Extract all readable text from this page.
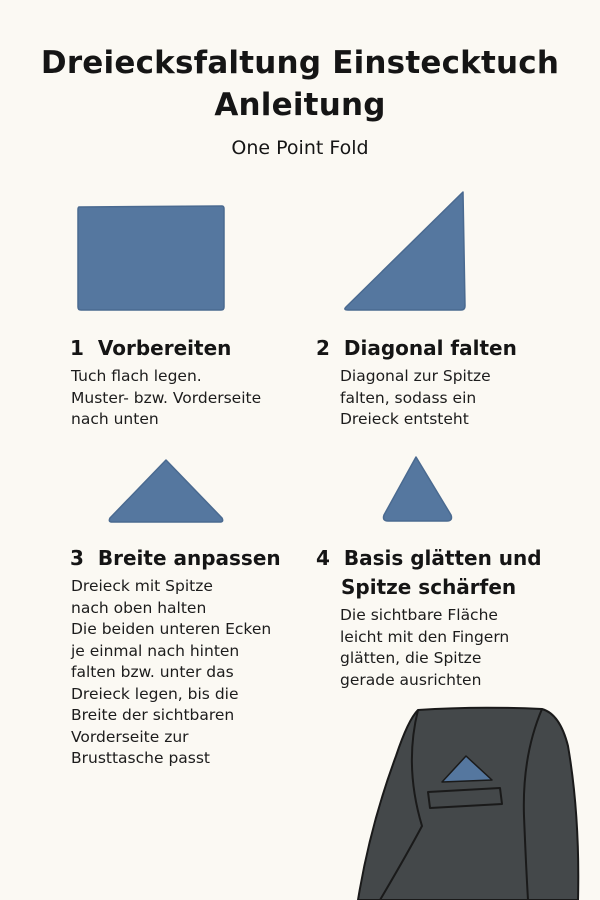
Dreiecksfaltung Einstecktuch
Anleitung
One Point Fold
1 Vorbereiten
Tuch flach legen.
Muster- bzw. Vorderseite
nach unten
2 Diagonal falten
Diagonal zur Spitze
falten, sodass ein
Dreieck entsteht
3 Breite anpassen
Dreieck mit Spitze
nach oben halten
Die beiden unteren Ecken
je einmal nach hinten
falten bzw. unter das
Dreieck legen, bis die
Breite der sichtbaren
Vorderseite zur
Brusttasche passt
4 Basis glätten und
Spitze schärfen
Die sichtbare Fläche
leicht mit den Fingern
glätten, die Spitze
gerade ausrichten
